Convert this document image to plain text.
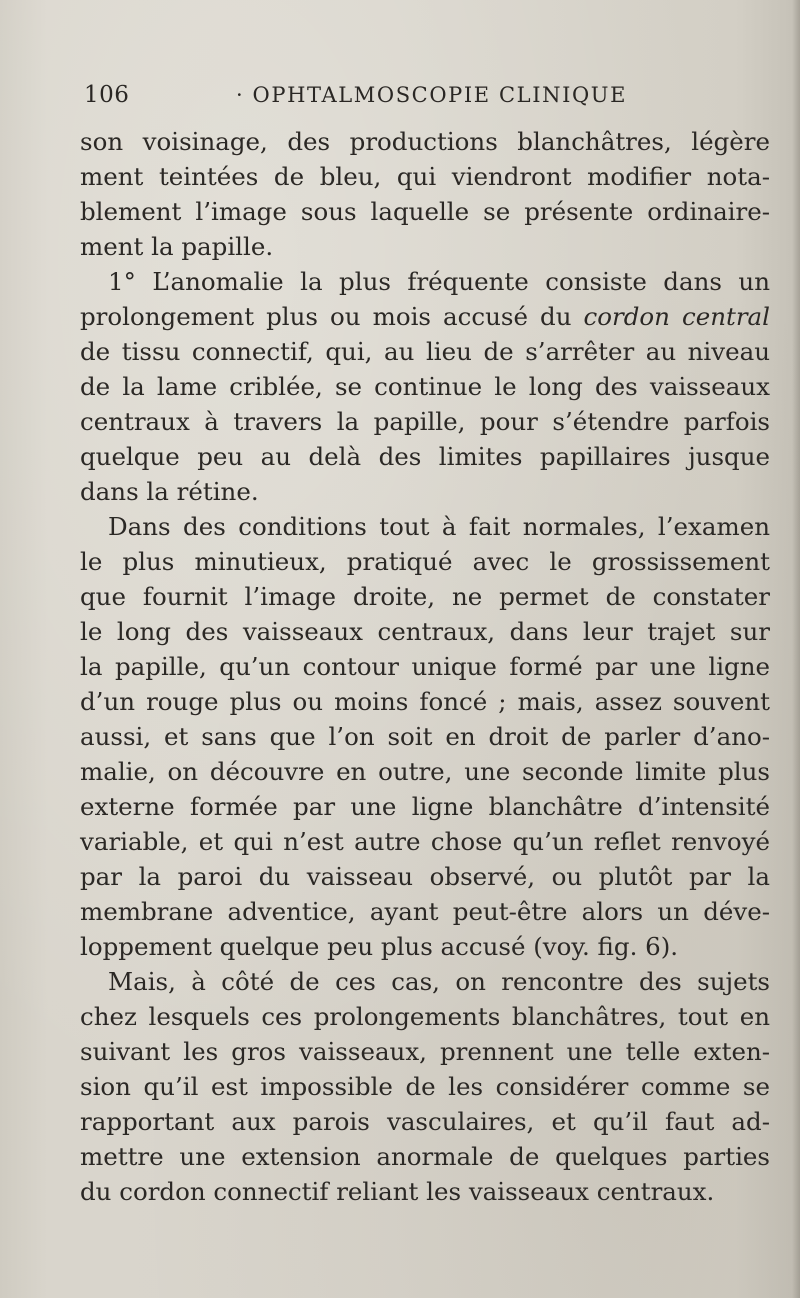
106	· OPHTALMOSCOPIE CLINIQUE
son voisinage, des productions blanchâtres, légère
ment teintées de bleu, qui viendront modifier nota-
blement l’image sous laquelle se présente ordinaire-
ment la papille.
1° L’anomalie la plus fréquente consiste dans un
prolongement plus ou mois accusé du cordon central
de tissu connectif, qui, au lieu de s’arrêter au niveau
de la lame criblée, se continue le long des vaisseaux
centraux à travers la papille, pour s’étendre parfois
quelque peu au delà des limites papillaires jusque
dans la rétine.
Dans des conditions tout à fait normales, l’examen
le plus minutieux, pratiqué avec le grossissement
que fournit l’image droite, ne permet de constater
le long des vaisseaux centraux, dans leur trajet sur
la papille, qu’un contour unique formé par une ligne
d’un rouge plus ou moins foncé ; mais, assez souvent
aussi, et sans que l’on soit en droit de parler d’ano-
malie, on découvre en outre, une seconde limite plus
externe formée par une ligne blanchâtre d’intensité
variable, et qui n’est autre chose qu’un reflet renvoyé
par la paroi du vaisseau observé, ou plutôt par la
membrane adventice, ayant peut-être alors un déve-
loppement quelque peu plus accusé (voy. fig. 6).
Mais, à côté de ces cas, on rencontre des sujets
chez lesquels ces prolongements blanchâtres, tout en
suivant les gros vaisseaux, prennent une telle exten-
sion qu’il est impossible de les considérer comme se
rapportant aux parois vasculaires, et qu’il faut ad-
mettre une extension anormale de quelques parties
du cordon connectif reliant les vaisseaux centraux.
